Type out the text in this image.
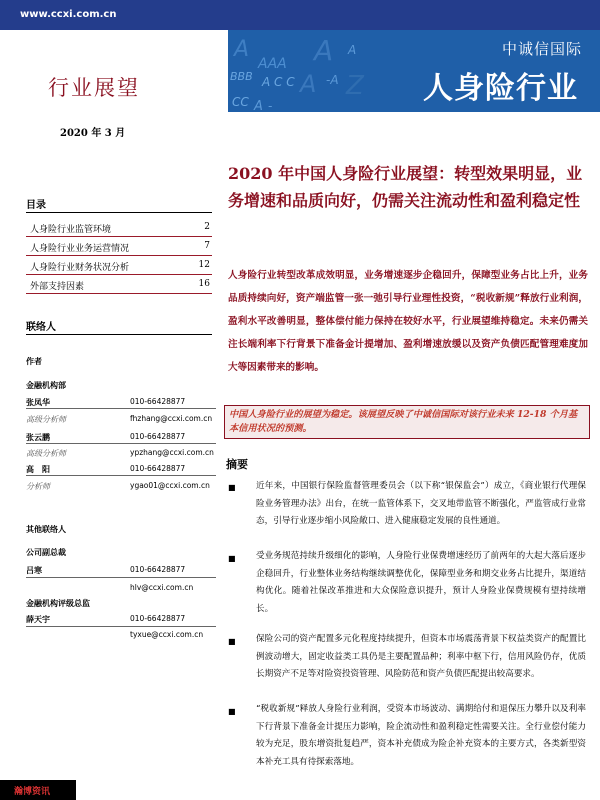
www.ccxi.com.cn
A
AAA A A
BBB A C C A -A Z
CC A -
中诚信国际
人身险行业
行业展望
2020 年 3 月
目录
人身险行业监管环境	2
人身险行业业务运营情况	7
人身险行业财务状况分析	12
外部支持因素	16
联络人
作者
金融机构部
张凤华	010-66428877
高级分析师	fhzhang@ccxi.com.cn
张云鹏	010-66428877
高级分析师	ypzhang@ccxi.com.cn
高　阳	010-66428877
分析师	ygao01@ccxi.com.cn
其他联络人
公司副总裁
吕寒	010-66428877
hlv@ccxi.com.cn
金融机构评级总监
薛天宇	010-66428877
tyxue@ccxi.com.cn
2020 年中国人身险行业展望：转型效果明显，业务增速和品质向好，仍需关注流动性和盈利稳定性
人身险行业转型改革成效明显，业务增速逐步企稳回升，保障型业务占比上升，业务品质持续向好，资产端监管一张一弛引导行业理性投资，“税收新规”释放行业利润，盈利水平改善明显，整体偿付能力保持在较好水平，行业展望维持稳定。未来仍需关注长端利率下行背景下准备金计提增加、盈利增速放缓以及资产负债匹配管理难度加大等因素带来的影响。
中国人身险行业的展望为稳定。该展望反映了中诚信国际对该行业未来 12-18 个月基本信用状况的预测。
摘要
■	近年来，中国银行保险监督管理委员会（以下称“银保监会”）成立，《商业银行代理保险业务管理办法》出台，在统一监管体系下，交叉地带监管不断强化，严监管成行业常态，引导行业逐步缩小风险敞口、进入健康稳定发展的良性通道。
■	受业务规范持续升级细化的影响，人身险行业保费增速经历了前两年的大起大落后逐步企稳回升，行业整体业务结构继续调整优化，保障型业务和期交业务占比提升，渠道结构优化。随着社保改革推进和大众保险意识提升，预计人身险业保费规模有望持续增长。
■	保险公司的资产配置多元化程度持续提升，但资本市场震荡背景下权益类资产的配置比例波动增大，固定收益类工具仍是主要配置品种；利率中枢下行，信用风险仍存，优质长期资产不足等对险资投资管理、风险防范和资产负债匹配提出较高要求。
■	“税收新规”释放人身险行业利润，受资本市场波动、满期给付和退保压力攀升以及利率下行背景下准备金计提压力影响，险企流动性和盈利稳定性需要关注。全行业偿付能力较为充足，股东增资批复趋严，资本补充债成为险企补充资本的主要方式，各类新型资本补充工具有待探索落地。
瀚博资讯
